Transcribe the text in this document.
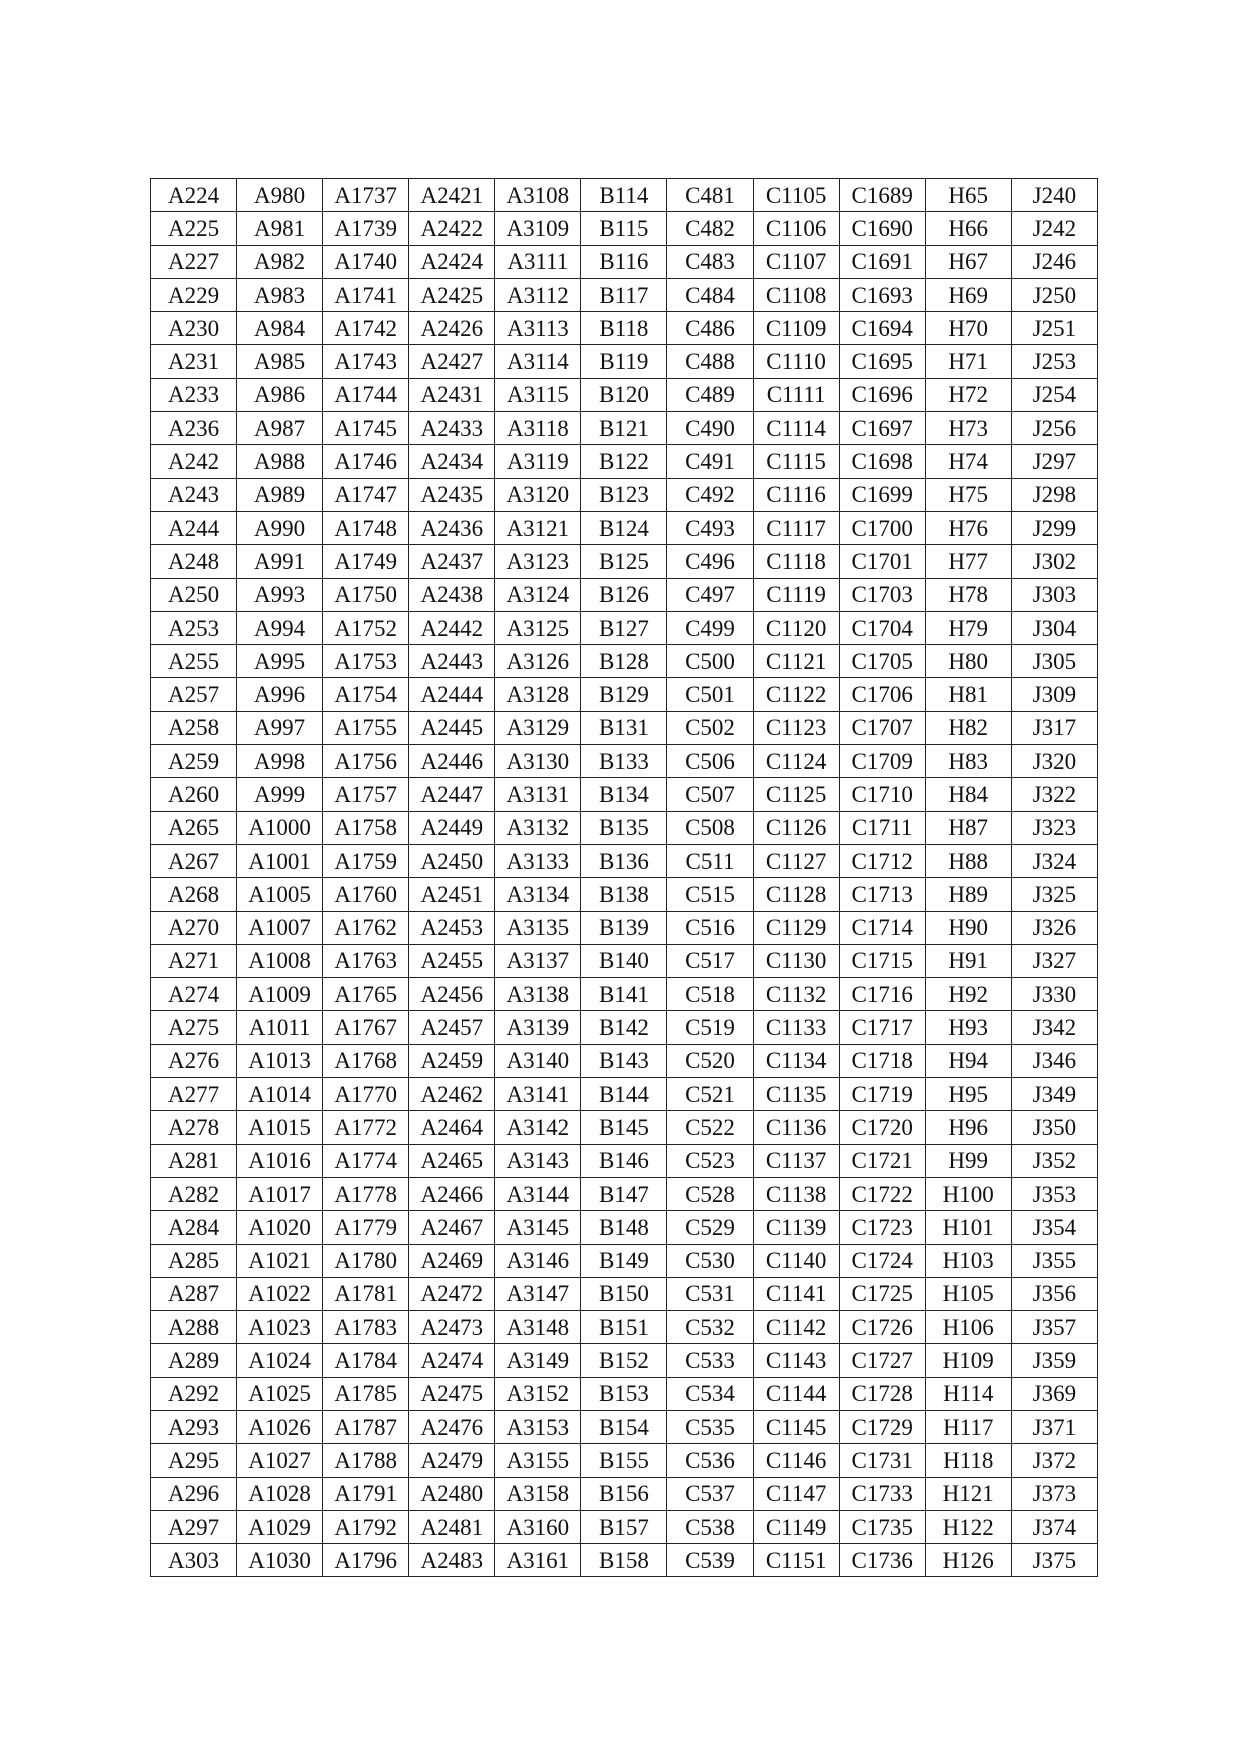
A224	A980	A1737	A2421	A3108	B114	C481	C1105	C1689	H65	J240
A225	A981	A1739	A2422	A3109	B115	C482	C1106	C1690	H66	J242
A227	A982	A1740	A2424	A3111	B116	C483	C1107	C1691	H67	J246
A229	A983	A1741	A2425	A3112	B117	C484	C1108	C1693	H69	J250
A230	A984	A1742	A2426	A3113	B118	C486	C1109	C1694	H70	J251
A231	A985	A1743	A2427	A3114	B119	C488	C1110	C1695	H71	J253
A233	A986	A1744	A2431	A3115	B120	C489	C1111	C1696	H72	J254
A236	A987	A1745	A2433	A3118	B121	C490	C1114	C1697	H73	J256
A242	A988	A1746	A2434	A3119	B122	C491	C1115	C1698	H74	J297
A243	A989	A1747	A2435	A3120	B123	C492	C1116	C1699	H75	J298
A244	A990	A1748	A2436	A3121	B124	C493	C1117	C1700	H76	J299
A248	A991	A1749	A2437	A3123	B125	C496	C1118	C1701	H77	J302
A250	A993	A1750	A2438	A3124	B126	C497	C1119	C1703	H78	J303
A253	A994	A1752	A2442	A3125	B127	C499	C1120	C1704	H79	J304
A255	A995	A1753	A2443	A3126	B128	C500	C1121	C1705	H80	J305
A257	A996	A1754	A2444	A3128	B129	C501	C1122	C1706	H81	J309
A258	A997	A1755	A2445	A3129	B131	C502	C1123	C1707	H82	J317
A259	A998	A1756	A2446	A3130	B133	C506	C1124	C1709	H83	J320
A260	A999	A1757	A2447	A3131	B134	C507	C1125	C1710	H84	J322
A265	A1000	A1758	A2449	A3132	B135	C508	C1126	C1711	H87	J323
A267	A1001	A1759	A2450	A3133	B136	C511	C1127	C1712	H88	J324
A268	A1005	A1760	A2451	A3134	B138	C515	C1128	C1713	H89	J325
A270	A1007	A1762	A2453	A3135	B139	C516	C1129	C1714	H90	J326
A271	A1008	A1763	A2455	A3137	B140	C517	C1130	C1715	H91	J327
A274	A1009	A1765	A2456	A3138	B141	C518	C1132	C1716	H92	J330
A275	A1011	A1767	A2457	A3139	B142	C519	C1133	C1717	H93	J342
A276	A1013	A1768	A2459	A3140	B143	C520	C1134	C1718	H94	J346
A277	A1014	A1770	A2462	A3141	B144	C521	C1135	C1719	H95	J349
A278	A1015	A1772	A2464	A3142	B145	C522	C1136	C1720	H96	J350
A281	A1016	A1774	A2465	A3143	B146	C523	C1137	C1721	H99	J352
A282	A1017	A1778	A2466	A3144	B147	C528	C1138	C1722	H100	J353
A284	A1020	A1779	A2467	A3145	B148	C529	C1139	C1723	H101	J354
A285	A1021	A1780	A2469	A3146	B149	C530	C1140	C1724	H103	J355
A287	A1022	A1781	A2472	A3147	B150	C531	C1141	C1725	H105	J356
A288	A1023	A1783	A2473	A3148	B151	C532	C1142	C1726	H106	J357
A289	A1024	A1784	A2474	A3149	B152	C533	C1143	C1727	H109	J359
A292	A1025	A1785	A2475	A3152	B153	C534	C1144	C1728	H114	J369
A293	A1026	A1787	A2476	A3153	B154	C535	C1145	C1729	H117	J371
A295	A1027	A1788	A2479	A3155	B155	C536	C1146	C1731	H118	J372
A296	A1028	A1791	A2480	A3158	B156	C537	C1147	C1733	H121	J373
A297	A1029	A1792	A2481	A3160	B157	C538	C1149	C1735	H122	J374
A303	A1030	A1796	A2483	A3161	B158	C539	C1151	C1736	H126	J375
